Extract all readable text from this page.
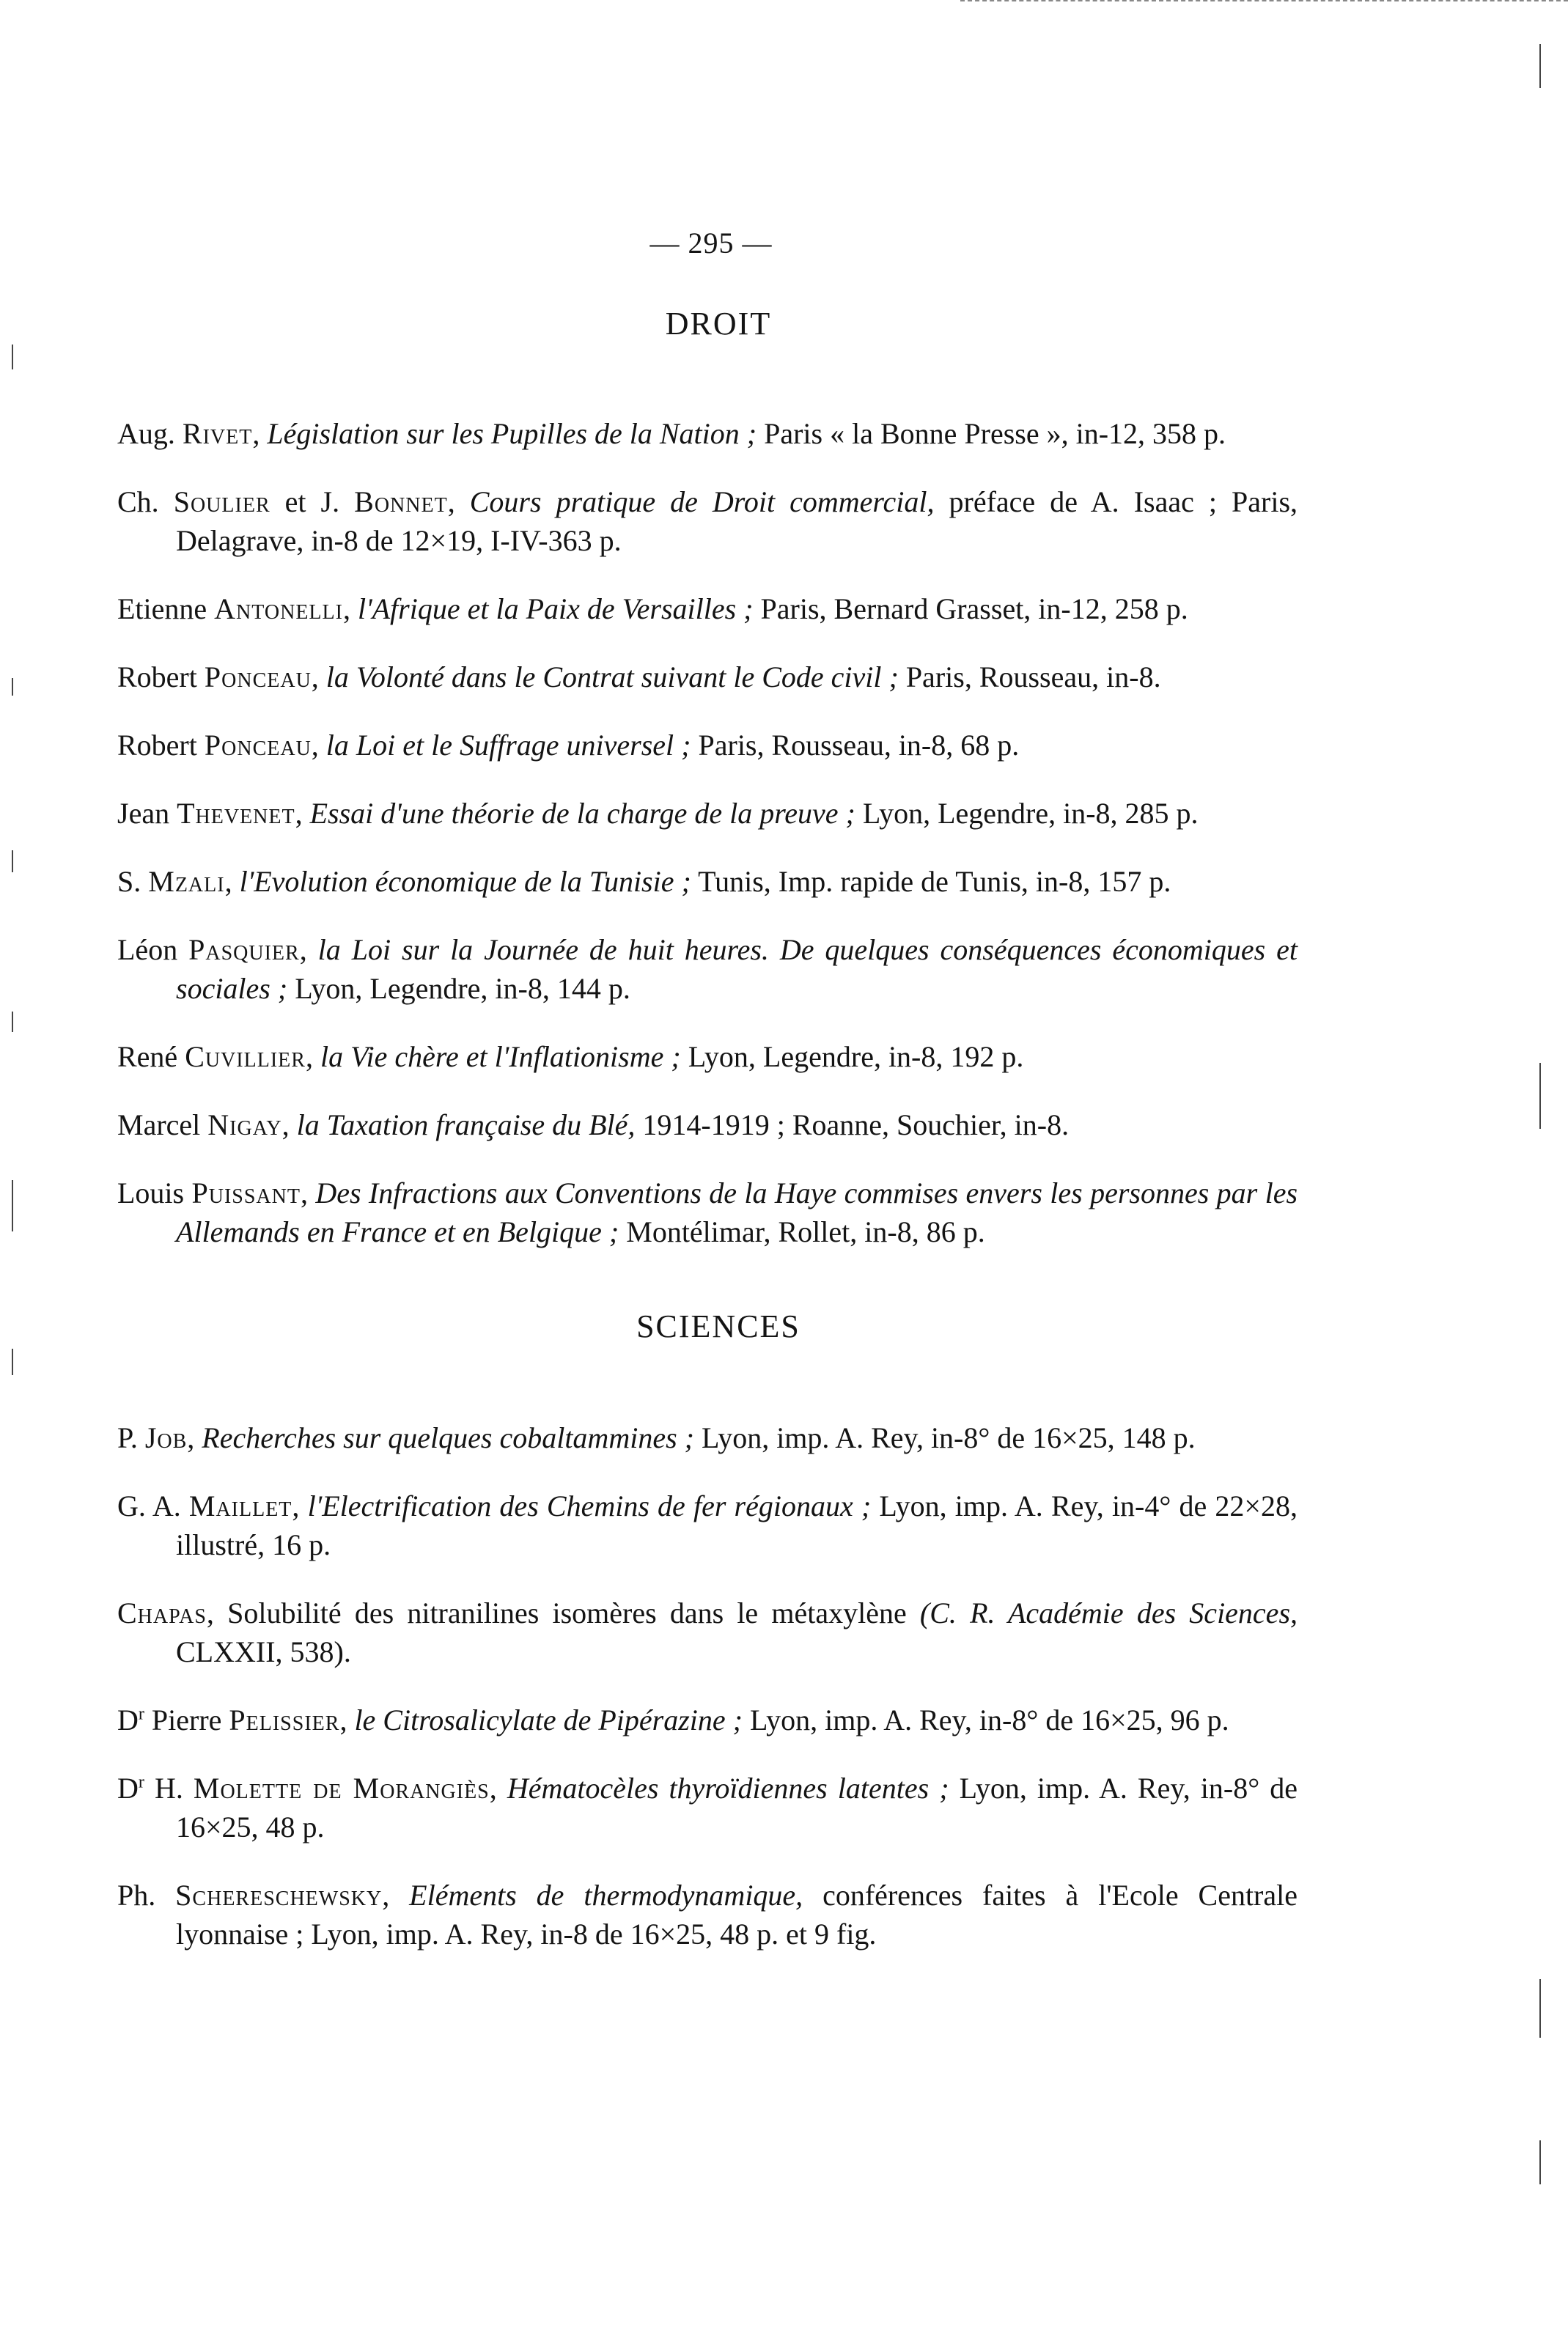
— 295 —
DROIT

Aug. Rivet, Législation sur les Pupilles de la Nation ; Paris « la Bonne Presse », in-12, 358 p.

Ch. Soulier et J. Bonnet, Cours pratique de Droit commercial, préface de A. Isaac ; Paris, Delagrave, in-8 de 12×19, I-IV-363 p.

Etienne Antonelli, l'Afrique et la Paix de Versailles ; Paris, Bernard Grasset, in-12, 258 p.

Robert Ponceau, la Volonté dans le Contrat suivant le Code civil ; Paris, Rousseau, in-8.

Robert Ponceau, la Loi et le Suffrage universel ; Paris, Rousseau, in-8, 68 p.

Jean Thevenet, Essai d'une théorie de la charge de la preuve ; Lyon, Legendre, in-8, 285 p.

S. Mzali, l'Evolution économique de la Tunisie ; Tunis, Imp. rapide de Tunis, in-8, 157 p.

Léon Pasquier, la Loi sur la Journée de huit heures. De quelques conséquences économiques et sociales ; Lyon, Legendre, in-8, 144 p.

René Cuvillier, la Vie chère et l'Inflationisme ; Lyon, Legendre, in-8, 192 p.

Marcel Nigay, la Taxation française du Blé, 1914-1919 ; Roanne, Souchier, in-8.

Louis Puissant, Des Infractions aux Conventions de la Haye commises envers les personnes par les Allemands en France et en Belgique ; Montélimar, Rollet, in-8, 86 p.

SCIENCES

P. Job, Recherches sur quelques cobaltammines ; Lyon, imp. A. Rey, in-8° de 16×25, 148 p.

G. A. Maillet, l'Electrification des Chemins de fer régionaux ; Lyon, imp. A. Rey, in-4° de 22×28, illustré, 16 p.

Chapas, Solubilité des nitranilines isomères dans le métaxylène (C. R. Académie des Sciences, CLXXII, 538).

$D^r$ Pierre Pelissier, le Citrosalicylate de Pipérazine ; Lyon, imp. A. Rey, in-8° de 16×25, 96 p.

$D^r$ H. Molette de Morangiès, Hématocèles thyroïdiennes latentes ; Lyon, imp. A. Rey, in-8° de 16×25, 48 p.

Ph. Schereschewsky, Eléments de thermodynamique, conférences faites à l'Ecole Centrale lyonnaise ; Lyon, imp. A. Rey, in-8 de 16×25, 48 p. et 9 fig.
